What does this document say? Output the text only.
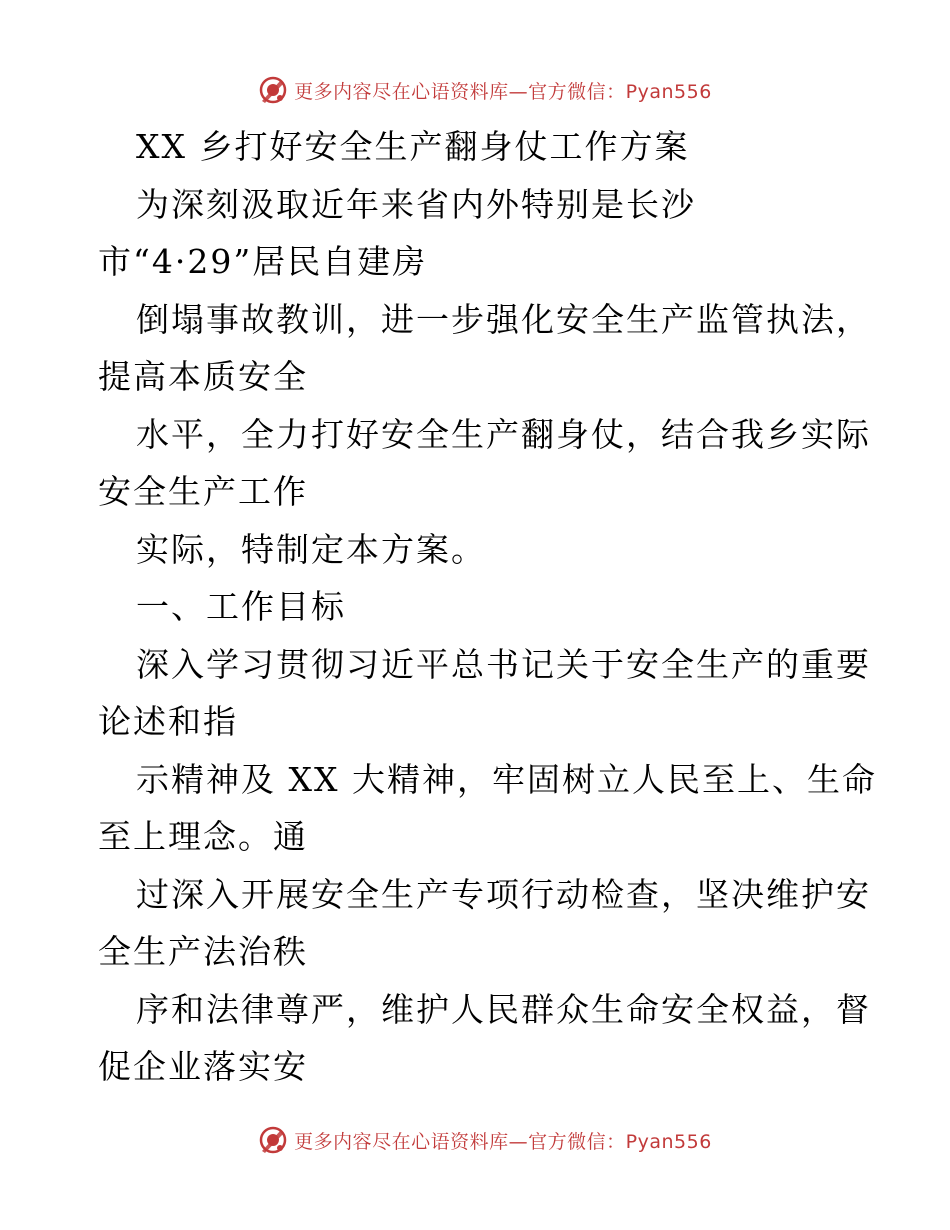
更多内容尽在心语资料库—官方微信：Pyan556
XX 乡打好安全生产翻身仗工作方案
为深刻汲取近年来省内外特别是长沙
市“4·29”居民自建房
倒塌事故教训，进一步强化安全生产监管执法，
提高本质安全
水平，全力打好安全生产翻身仗，结合我乡实际
安全生产工作
实际，特制定本方案。
一、工作目标
深入学习贯彻习近平总书记关于安全生产的重要
论述和指
示精神及 XX 大精神，牢固树立人民至上、生命
至上理念。通
过深入开展安全生产专项行动检查，坚决维护安
全生产法治秩
序和法律尊严，维护人民群众生命安全权益，督
促企业落实安
更多内容尽在心语资料库—官方微信：Pyan556
